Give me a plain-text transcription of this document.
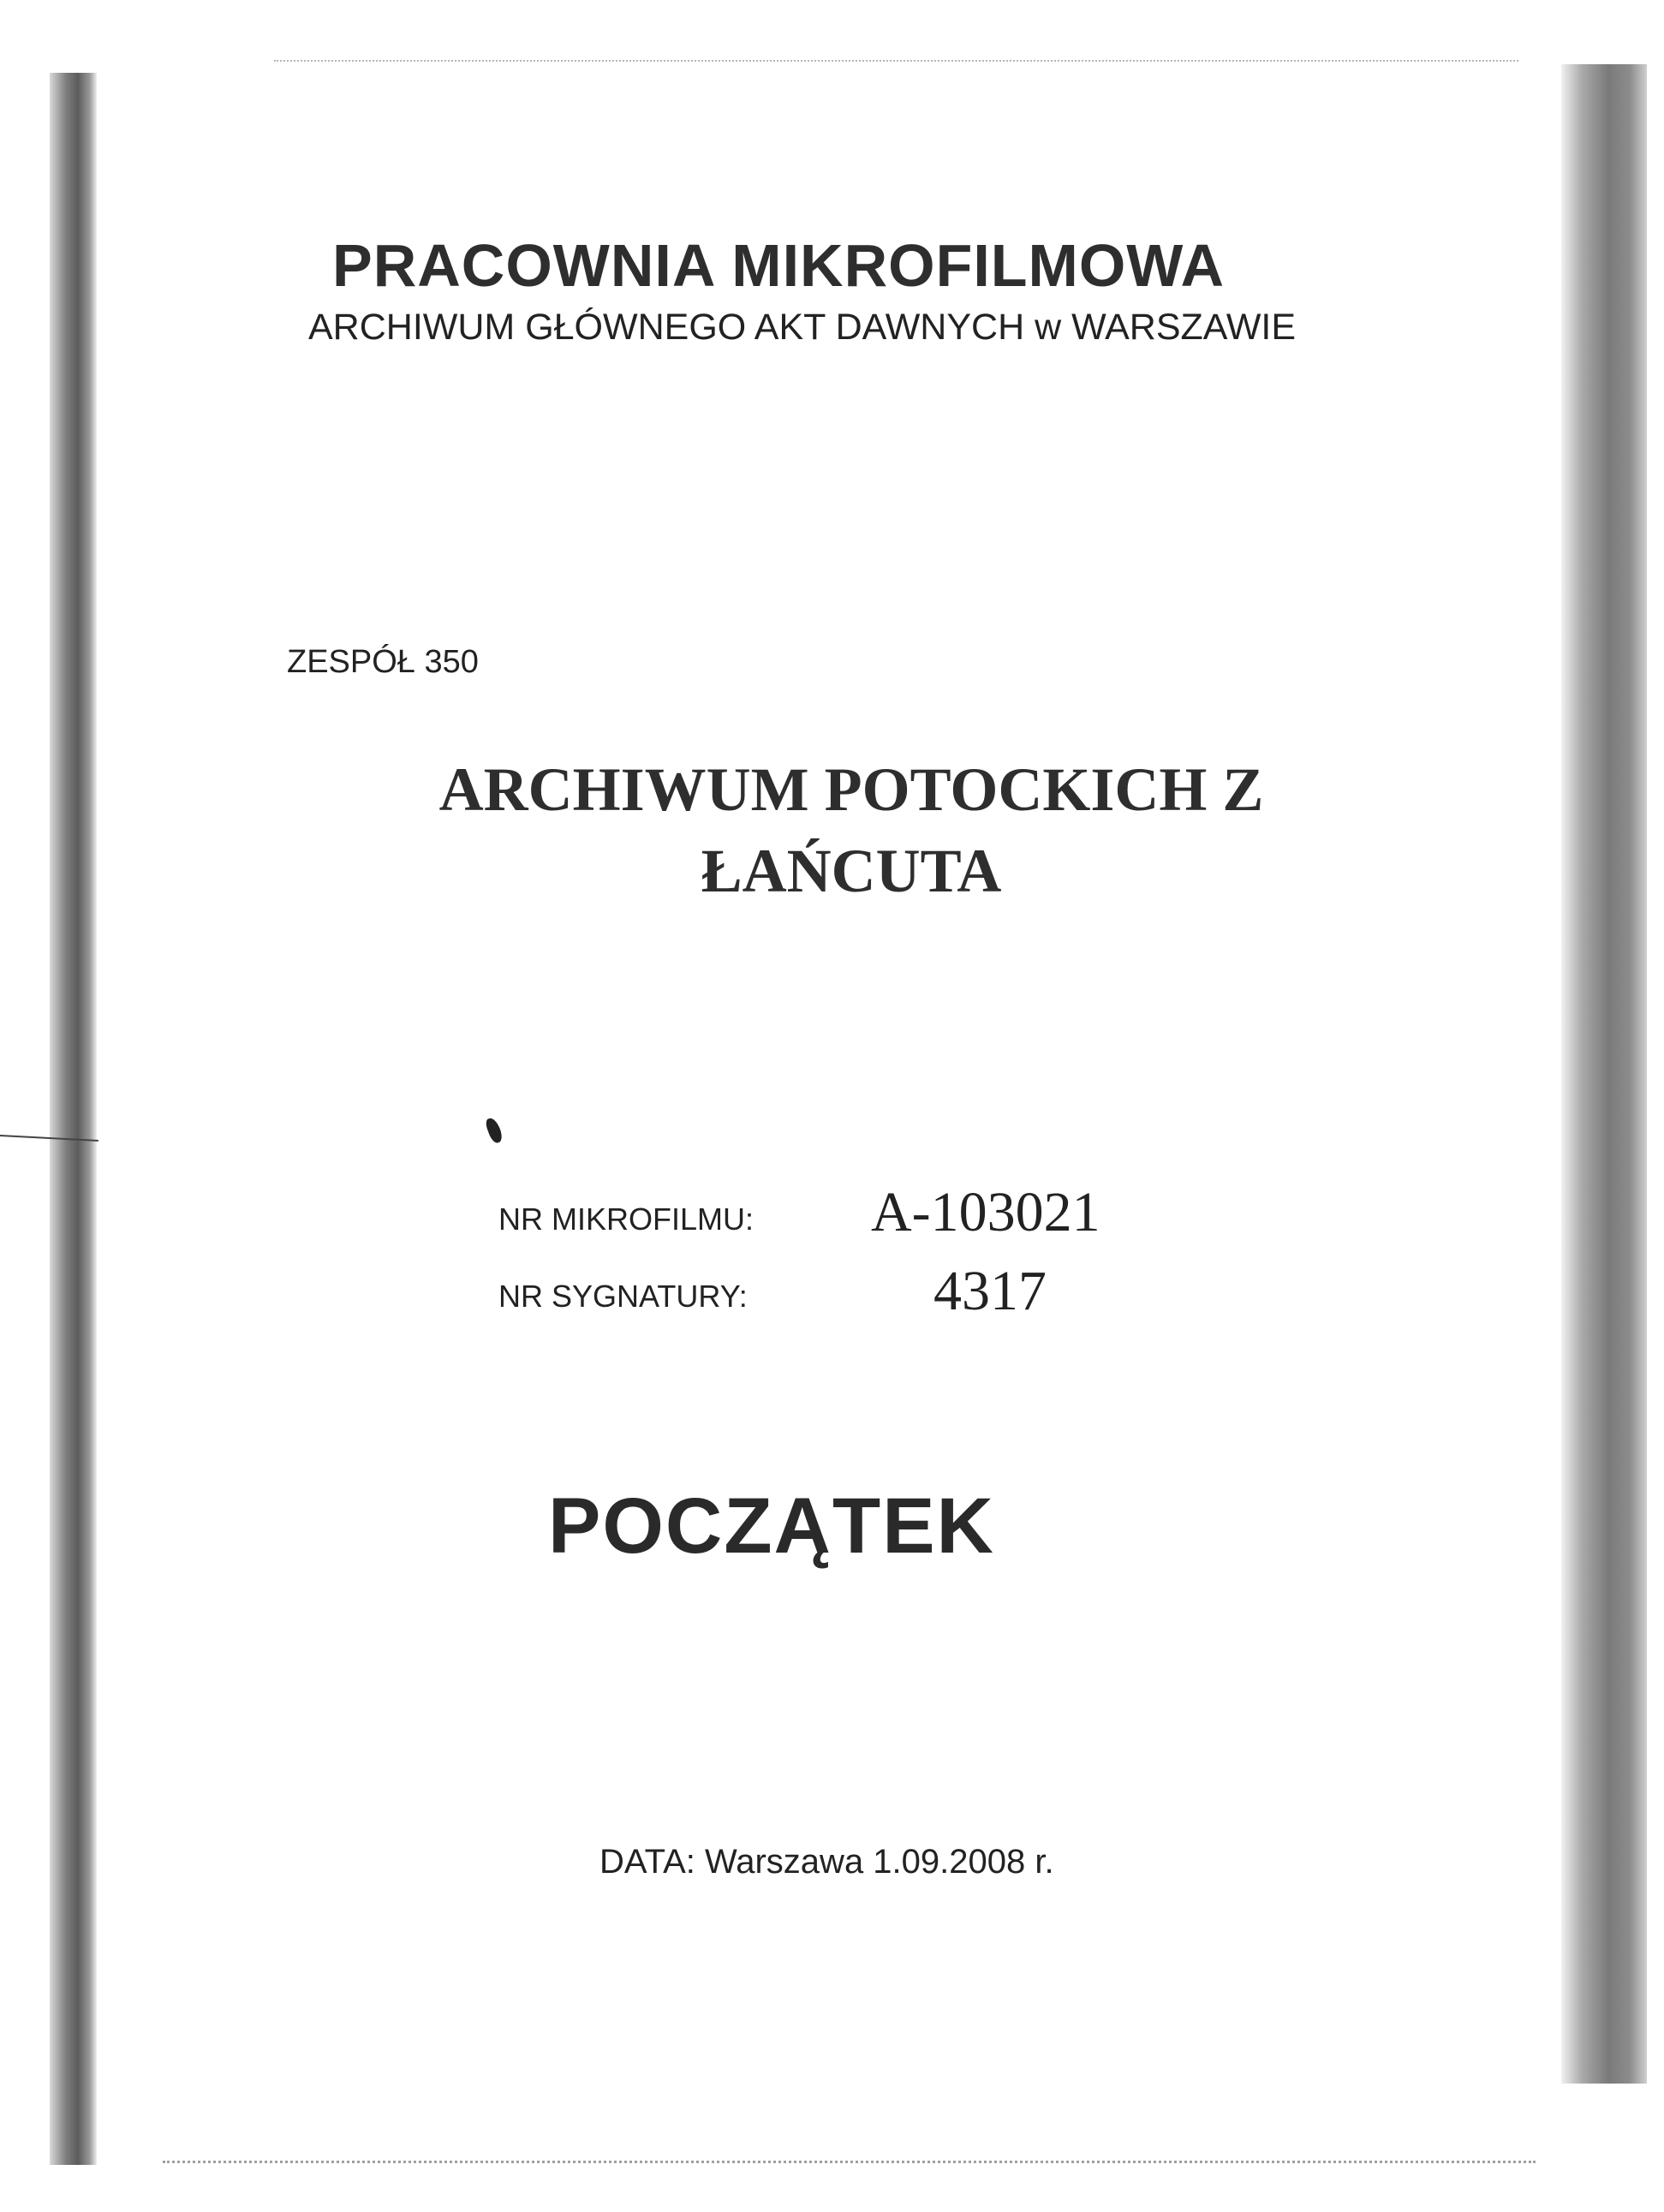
PRACOWNIA MIKROFILMOWA

ARCHIWUM GŁÓWNEGO AKT DAWNYCH w WARSZAWIE

ZESPÓŁ 350

ARCHIWUM POTOCKICH Z
ŁAŃCUTA
NR MIKROFILMU: A-103021
NR SYGNATURY:	4317

POCZĄTEK

DATA: Warszawa 1.09.2008 r.
